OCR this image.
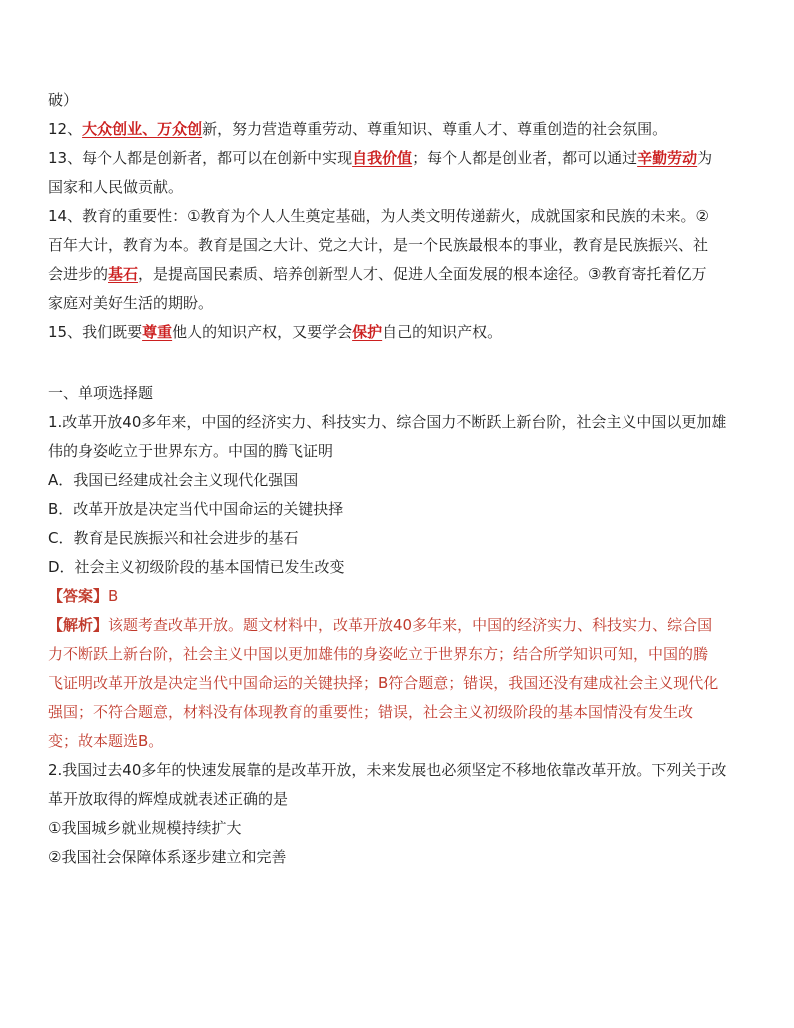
破）
12、大众创业、万众创新，努力营造尊重劳动、尊重知识、尊重人才、尊重创造的社会氛围。
13、每个人都是创新者，都可以在创新中实现自我价值；每个人都是创业者，都可以通过辛勤劳动为
国家和人民做贡献。
14、教育的重要性：①教育为个人人生奠定基础，为人类文明传递薪火，成就国家和民族的未来。②
百年大计，教育为本。教育是国之大计、党之大计，是一个民族最根本的事业，教育是民族振兴、社
会进步的基石，是提高国民素质、培养创新型人才、促进人全面发展的根本途径。③教育寄托着亿万
家庭对美好生活的期盼。
15、我们既要尊重他人的知识产权，又要学会保护自己的知识产权。
一、单项选择题
1.改革开放40多年来，中国的经济实力、科技实力、综合国力不断跃上新台阶，社会主义中国以更加雄
伟的身姿屹立于世界东方。中国的腾飞证明
A．我国已经建成社会主义现代化强国
B．改革开放是决定当代中国命运的关键抉择
C．教育是民族振兴和社会进步的基石
D．社会主义初级阶段的基本国情已发生改变
【答案】B
【解析】该题考查改革开放。题文材料中，改革开放40多年来，中国的经济实力、科技实力、综合国
力不断跃上新台阶，社会主义中国以更加雄伟的身姿屹立于世界东方；结合所学知识可知，中国的腾
飞证明改革开放是决定当代中国命运的关键抉择；B符合题意；错误，我国还没有建成社会主义现代化
强国；不符合题意，材料没有体现教育的重要性；错误，社会主义初级阶段的基本国情没有发生改
变；故本题选B。
2.我国过去40多年的快速发展靠的是改革开放，未来发展也必须坚定不移地依靠改革开放。下列关于改
革开放取得的辉煌成就表述正确的是
①我国城乡就业规模持续扩大
②我国社会保障体系逐步建立和完善
